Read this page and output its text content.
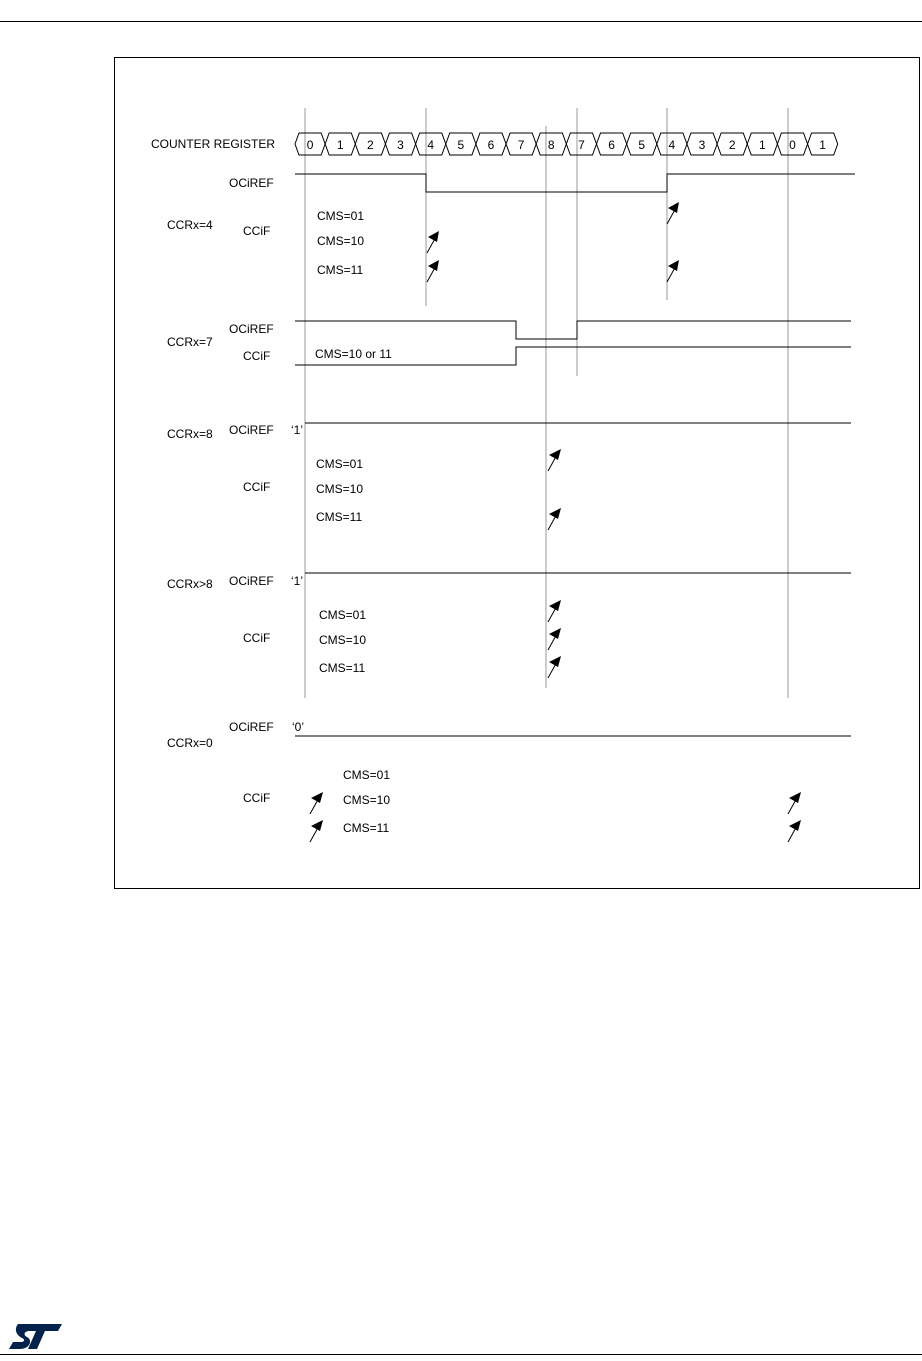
COUNTER REGISTER	0 1 2 3 4 5 6 7 8 7 6 5 4 3 2 1 0 1
CCRx=4
OCiREF
CCiF
CMS=01
CMS=10
CMS=11
CCRx=7
OCiREF
CCiF	CMS=10 or 11
CCRx=8 OCiREF ‘1’
CCiF
CMS=01
CMS=10
CMS=11
CCRx>8 OCiREF ‘1’
CCiF
CMS=01
CMS=10
CMS=11
CCRx=0
OCiREF ‘0’
CCiF
CMS=01
CMS=10
CMS=11
